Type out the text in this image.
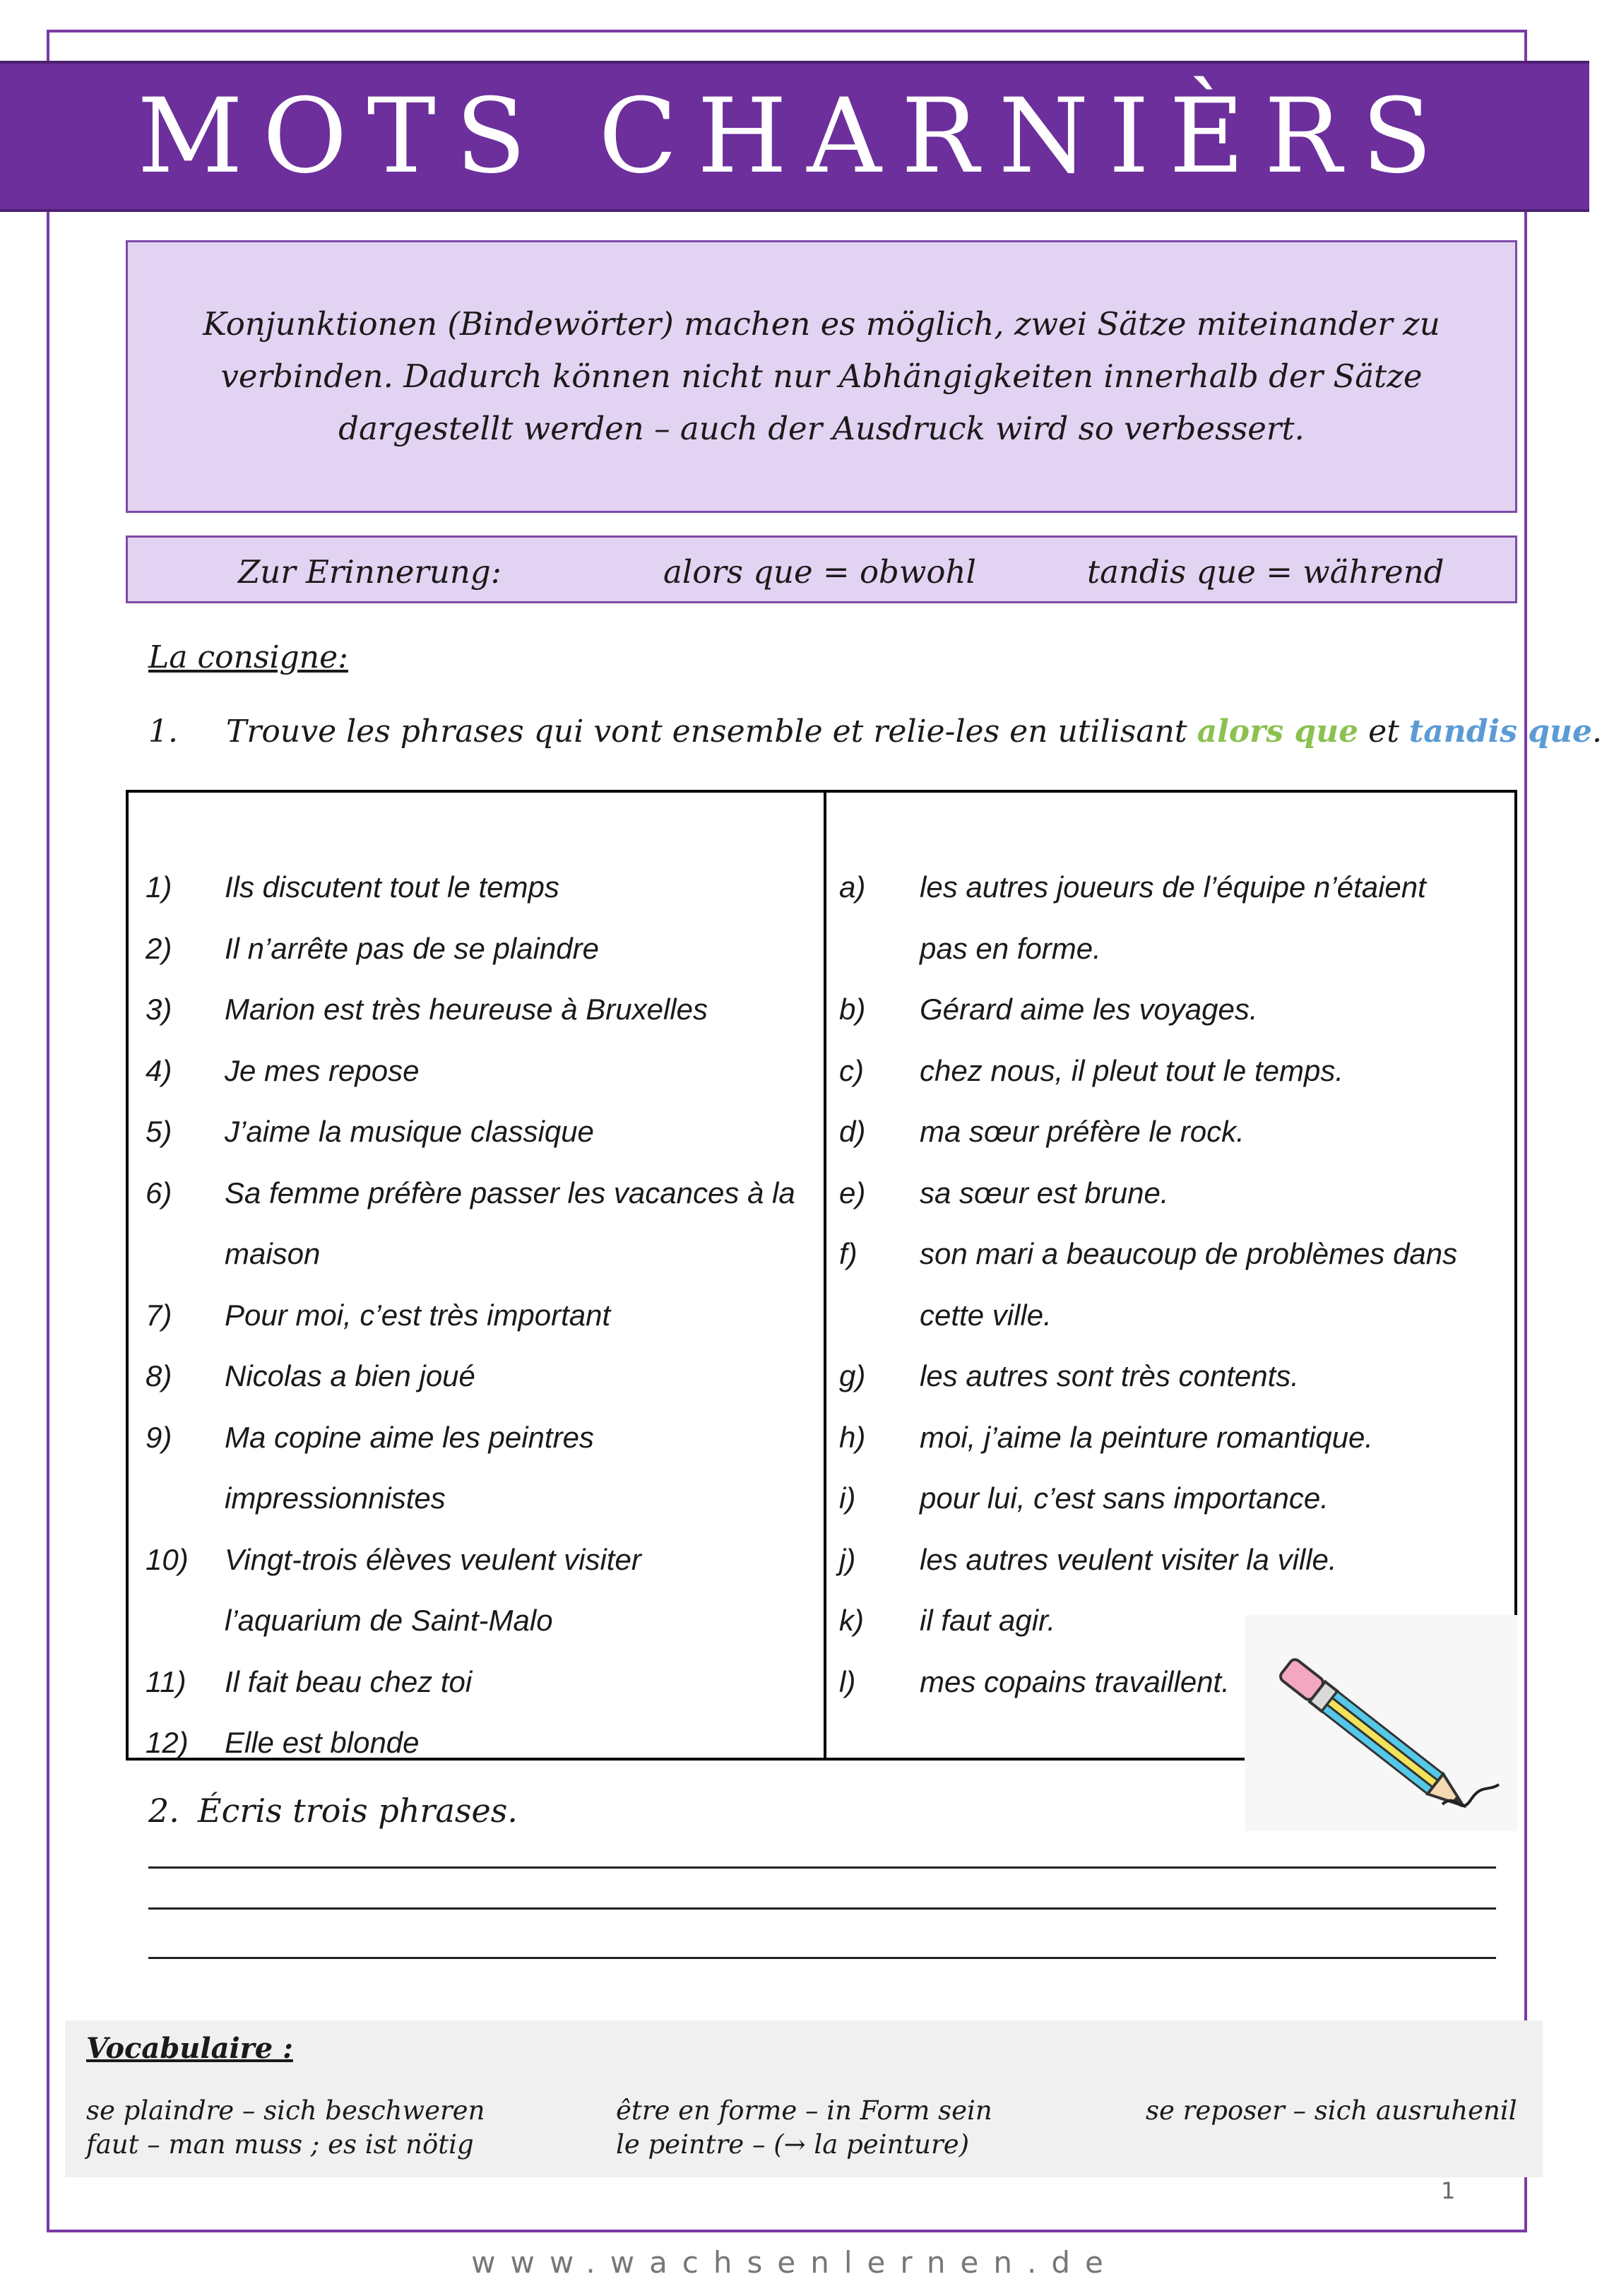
MOTS CHARNIÈRS
Konjunktionen (Bindewörter) machen es möglich, zwei Sätze miteinander zu
verbinden. Dadurch können nicht nur Abhängigkeiten innerhalb der Sätze
dargestellt werden – auch der Ausdruck wird so verbessert.
Zur Erinnerung:	alors que = obwohl	tandis que = während
La consigne:
1. Trouve les phrases qui vont ensemble et relie-les en utilisant alors que et tandis que.
1) Ils discutent tout le temps
2) Il n’arrête pas de se plaindre
3) Marion est très heureuse à Bruxelles
4) Je mes repose
5) J’aime la musique classique
6) Sa femme préfère passer les vacances à la
maison
7) Pour moi, c’est très important
8) Nicolas a bien joué
9) Ma copine aime les peintres
impressionnistes
10) Vingt-trois élèves veulent visiter
l’aquarium de Saint-Malo
11) Il fait beau chez toi
12) Elle est blonde
a) les autres joueurs de l’équipe n’étaient
pas en forme.
b) Gérard aime les voyages.
c) chez nous, il pleut tout le temps.
d) ma sœur préfère le rock.
e) sa sœur est brune.
f) son mari a beaucoup de problèmes dans
cette ville.
g) les autres sont très contents.
h) moi, j’aime la peinture romantique.
i) pour lui, c’est sans importance.
j) les autres veulent visiter la ville.
k) il faut agir.
l) mes copains travaillent.
2. Écris trois phrases.
Vocabulaire :
se plaindre – sich beschweren	être en forme – in Form sein	se reposer – sich ausruhenil
faut – man muss ; es ist nötig	le peintre – (→ la peinture)
1
www.wachsenlernen.de
